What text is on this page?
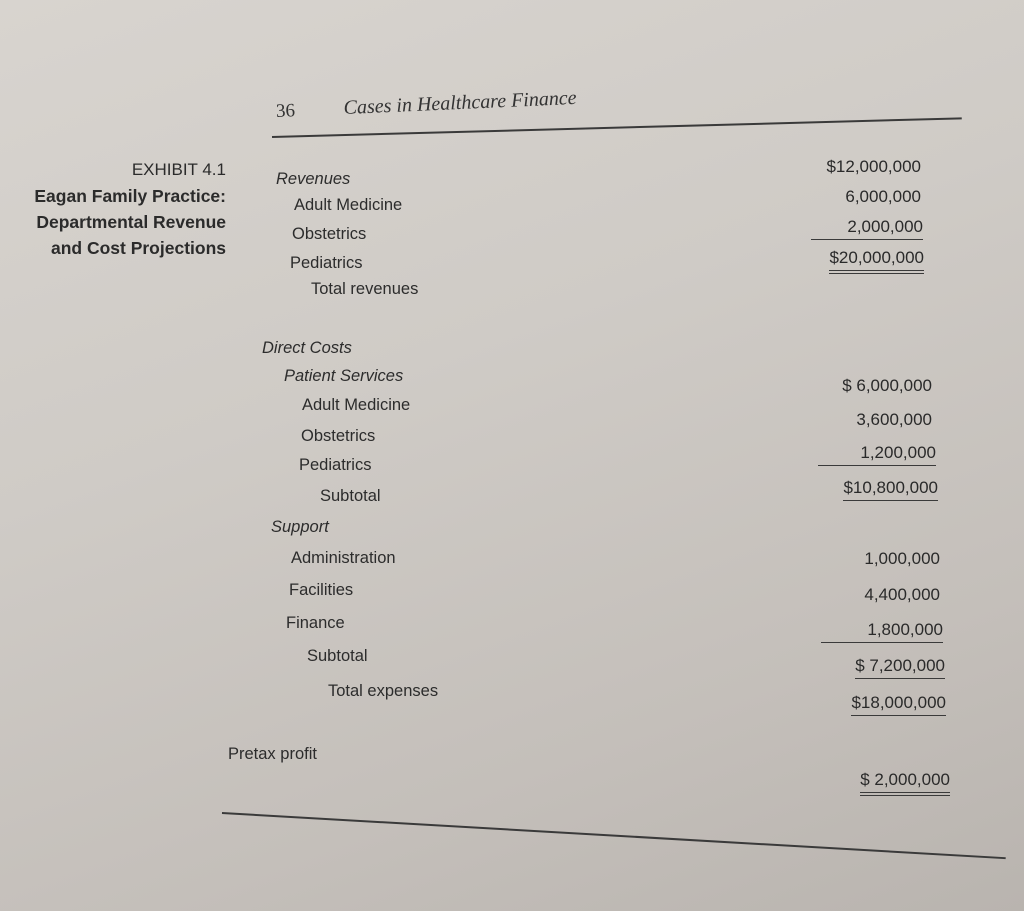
36 Cases in Healthcare Finance
EXHIBIT 4.1
Eagan Family Practice:
Departmental Revenue
and Cost Projections
Revenues
Adult Medicine
Obstetrics
Pediatrics
Total revenues
$12,000,000
6,000,000
2,000,000
$20,000,000
Direct Costs
Patient Services
Adult Medicine
Obstetrics
Pediatrics
Subtotal
$ 6,000,000
3,600,000
1,200,000
$10,800,000
Support
Administration
Facilities
Finance
Subtotal
Total expenses
1,000,000
4,400,000
1,800,000
$ 7,200,000
$18,000,000
Pretax profit
$ 2,000,000
